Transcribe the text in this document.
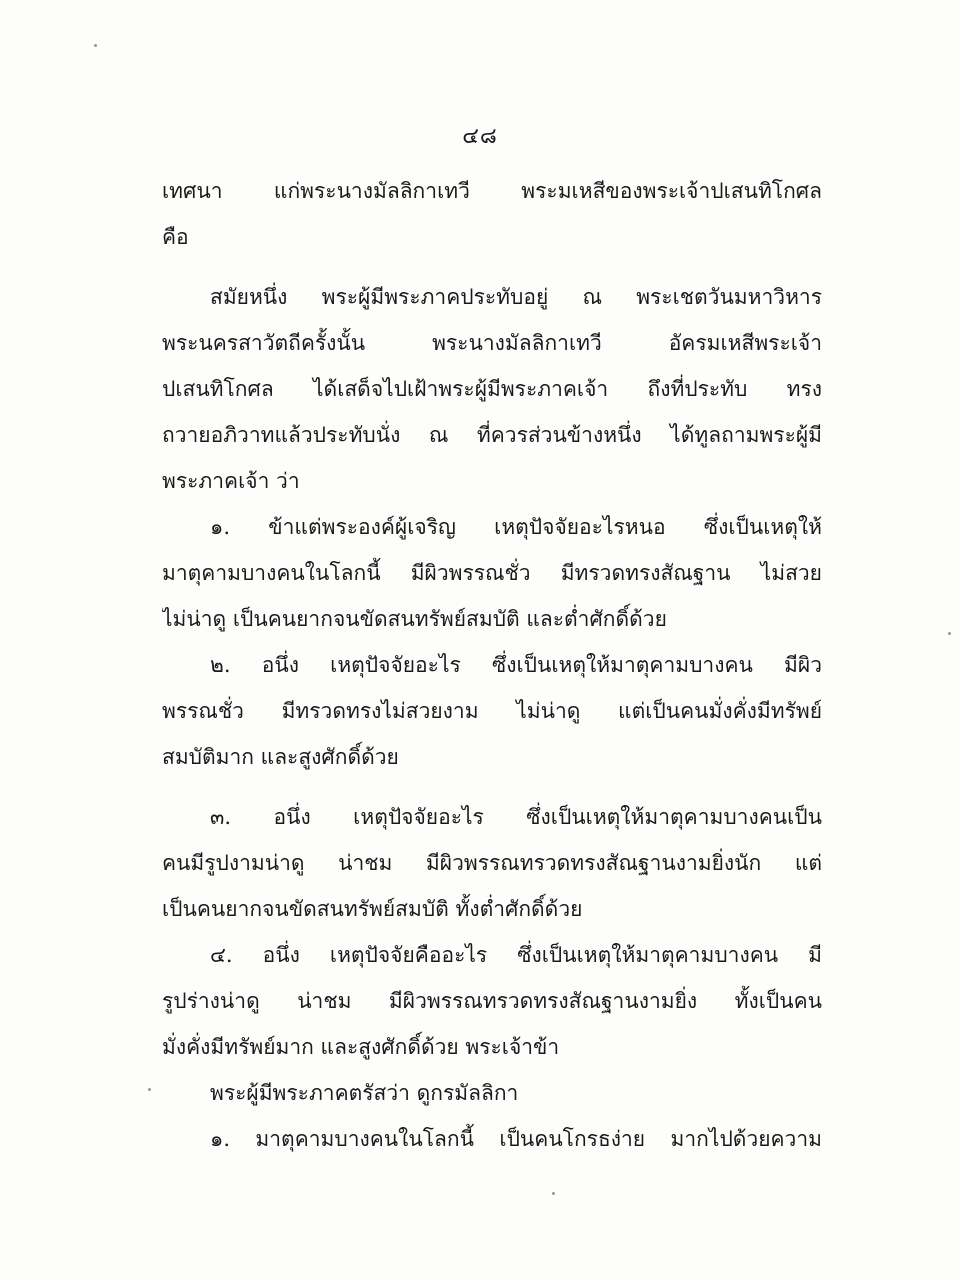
๔๘
เทศนา แก่พระนางมัลลิกาเทวี พระมเหสีของพระเจ้าปเสนทิโกศล
คือ
สมัยหนึ่ง พระผู้มีพระภาคประทับอยู่ ณ พระเชตวันมหาวิหาร
พระนครสาวัตถีครั้งนั้น พระนางมัลลิกาเทวี อัครมเหสีพระเจ้า
ปเสนทิโกศล ได้เสด็จไปเฝ้าพระผู้มีพระภาคเจ้า ถึงที่ประทับ ทรง
ถวายอภิวาทแล้วประทับนั่ง ณ ที่ควรส่วนข้างหนึ่ง ได้ทูลถามพระผู้มี
พระภาคเจ้า ว่า
๑. ข้าแต่พระองค์ผู้เจริญ เหตุปัจจัยอะไรหนอ ซึ่งเป็นเหตุให้
มาตุคามบางคนในโลกนี้ มีผิวพรรณชั่ว มีทรวดทรงสัณฐาน ไม่สวย
ไม่น่าดู เป็นคนยากจนขัดสนทรัพย์สมบัติ และต่ำศักดิ์ด้วย
๒. อนึ่ง เหตุปัจจัยอะไร ซึ่งเป็นเหตุให้มาตุคามบางคน มีผิว
พรรณชั่ว มีทรวดทรงไม่สวยงาม ไม่น่าดู แต่เป็นคนมั่งคั่งมีทรัพย์
สมบัติมาก และสูงศักดิ์ด้วย
๓. อนึ่ง เหตุปัจจัยอะไร ซึ่งเป็นเหตุให้มาตุคามบางคนเป็น
คนมีรูปงามน่าดู น่าชม มีผิวพรรณทรวดทรงสัณฐานงามยิ่งนัก แต่
เป็นคนยากจนขัดสนทรัพย์สมบัติ ทั้งต่ำศักดิ์ด้วย
๔. อนึ่ง เหตุปัจจัยคืออะไร ซึ่งเป็นเหตุให้มาตุคามบางคน มี
รูปร่างน่าดู น่าชม มีผิวพรรณทรวดทรงสัณฐานงามยิ่ง ทั้งเป็นคน
มั่งคั่งมีทรัพย์มาก และสูงศักดิ์ด้วย พระเจ้าข้า
พระผู้มีพระภาคตรัสว่า ดูกรมัลลิกา
๑. มาตุคามบางคนในโลกนี้ เป็นคนโกรธง่าย มากไปด้วยความ
